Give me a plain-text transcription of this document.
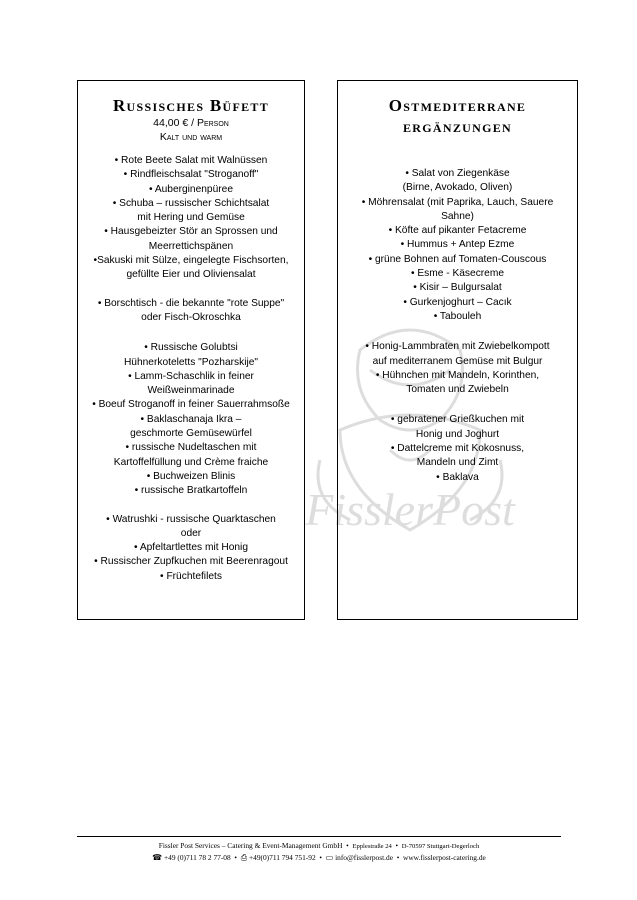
FisslerPost
Russisches Büfett
44,00 € / Person
Kalt und warm
• Rote Beete Salat mit Walnüssen
• Rindfleischsalat "Stroganoff"
• Auberginenpüree
• Schuba – russischer Schichtsalat
mit Hering und Gemüse
• Hausgebeizter Stör an Sprossen und
Meerrettichspänen
•Sakuski mit Sülze, eingelegte Fischsorten,
gefüllte Eier und Oliviensalat
• Borschtisch - die bekannte "rote Suppe"
oder Fisch-Okroschka
• Russische Golubtsi
Hühnerkoteletts "Pozharskije"
• Lamm-Schaschlik in feiner
Weißweinmarinade
• Boeuf Stroganoff in feiner Sauerrahmsoße
• Baklaschanaja Ikra –
geschmorte Gemüsewürfel
• russische Nudeltaschen mit
Kartoffelfüllung und Crème fraiche
• Buchweizen Blinis
• russische Bratkartoffeln
• Watrushki - russische Quarktaschen
oder
• Apfeltartlettes mit Honig
• Russischer Zupfkuchen mit Beerenragout
• Früchtefilets
Ostmediterrane
ergänzungen
• Salat von Ziegenkäse
(Birne, Avokado, Oliven)
• Möhrensalat (mit Paprika, Lauch, Sauere
Sahne)
• Köfte auf pikanter Fetacreme
• Hummus + Antep Ezme
• grüne Bohnen auf Tomaten-Couscous
• Esme - Käsecreme
• Kisir – Bulgursalat
• Gurkenjoghurt – Cacık
• Tabouleh
• Honig-Lammbraten mit Zwiebelkompott
auf mediterranem Gemüse mit Bulgur
• Hühnchen mit Mandeln, Korinthen,
Tomaten und Zwiebeln
• gebratener Grießkuchen mit
Honig und Joghurt
• Dattelcreme mit Kokosnuss,
Mandeln und Zimt
• Baklava
Fissler Post Services – Catering & Event-Management GmbH  •  Epplestraße 24  •  D-70597 Stuttgart-Degerloch
☎ +49 (0)711 78 2 77-08  •  ⎙ +49(0)711 794 751-92  •  ▭ info@fisslerpost.de  •  www.fisslerpost-catering.de
